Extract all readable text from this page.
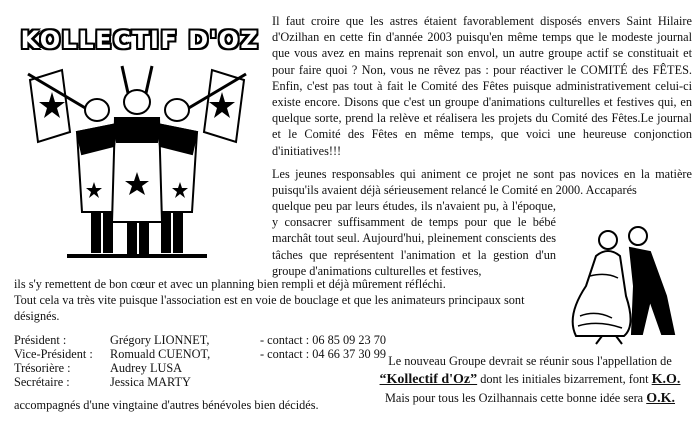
KOLLECTIF D'OZ

Il faut croire que les astres étaient favorablement disposés envers Saint Hilaire d'Ozilhan en cette fin d'année 2003 puisqu'en même temps que le modeste journal que vous avez en mains reprenait son envol, un autre groupe actif se constituait et pour faire quoi ? Non, vous ne rêvez pas : pour réactiver le COMITÉ des FÊTES. Enfin, c'est pas tout à fait le Comité des Fêtes puisque administrativement celui-ci existe encore. Disons que c'est un groupe d'animations culturelles et festives qui, en quelque sorte, prend la relève et réalisera les projets du Comité des Fêtes.Le journal et le Comité des Fêtes en même temps, que voici une heureuse conjonction d'initiatives!!!

Les jeunes responsables qui animent ce projet ne sont pas novices en la matière puisqu'ils avaient déjà sérieusement relancé le Comité en 2000. Accaparés

quelque peu par leurs études, ils n'avaient pu, à l'époque, y consacrer suffisamment de temps pour que le bébé marchât tout seul. Aujourd'hui, pleinement conscients des tâches que représentent l'animation et la gestion d'un groupe d'animations culturelles et festives,

ils s'y remettent de bon cœur et avec un planning bien rempli et déjà mûrement réfléchi.

Tout cela va très vite puisque l'association est en voie de bouclage et que les animateurs principaux sont

désignés.

Président :	Grégory LIONNET,	- contact : 06 85 09 23 70
Vice-Président :	Romuald CUENOT,	- contact : 04 66 37 30 99
Trésorière :	Audrey LUSA
Secrétaire :	Jessica MARTY
accompagnés d'une vingtaine d'autres bénévoles bien décidés.
Le nouveau Groupe devrait se réunir sous l'appellation de
“Kollectif d'Oz” dont les initiales bizarrement, font K.O.
Mais pour tous les Ozilhannais cette bonne idée sera O.K.
